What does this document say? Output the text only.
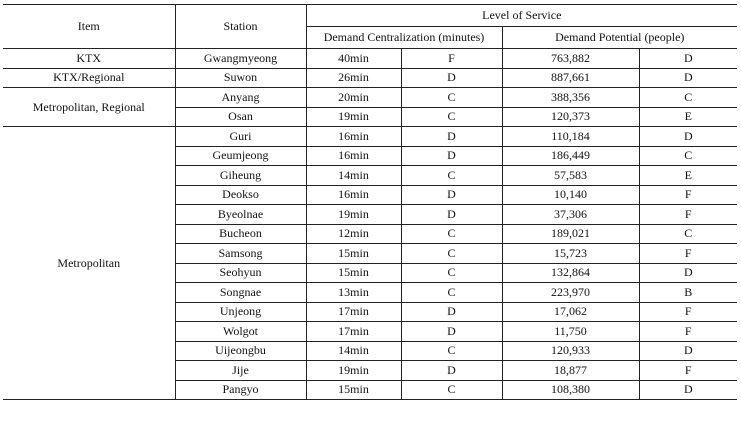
Item	Station	Level of Service			
		Demand Centralization (minutes)		Demand Potential (people)	
KTX	Gwangmyeong	40min	F	763,882	D
KTX/Regional	Suwon	26min	D	887,661	D
Metropolitan, Regional	Anyang	20min	C	388,356	C
	Osan	19min	C	120,373	E
Metropolitan	Guri	16min	D	110,184	D
	Geumjeong	16min	D	186,449	C
	Giheung	14min	C	57,583	E
	Deokso	16min	D	10,140	F
	Byeolnae	19min	D	37,306	F
	Bucheon	12min	C	189,021	C
	Samsong	15min	C	15,723	F
	Seohyun	15min	C	132,864	D
	Songnae	13min	C	223,970	B
	Unjeong	17min	D	17,062	F
	Wolgot	17min	D	11,750	F
	Uijeongbu	14min	C	120,933	D
	Jije	19min	D	18,877	F
	Pangyo	15min	C	108,380	D
